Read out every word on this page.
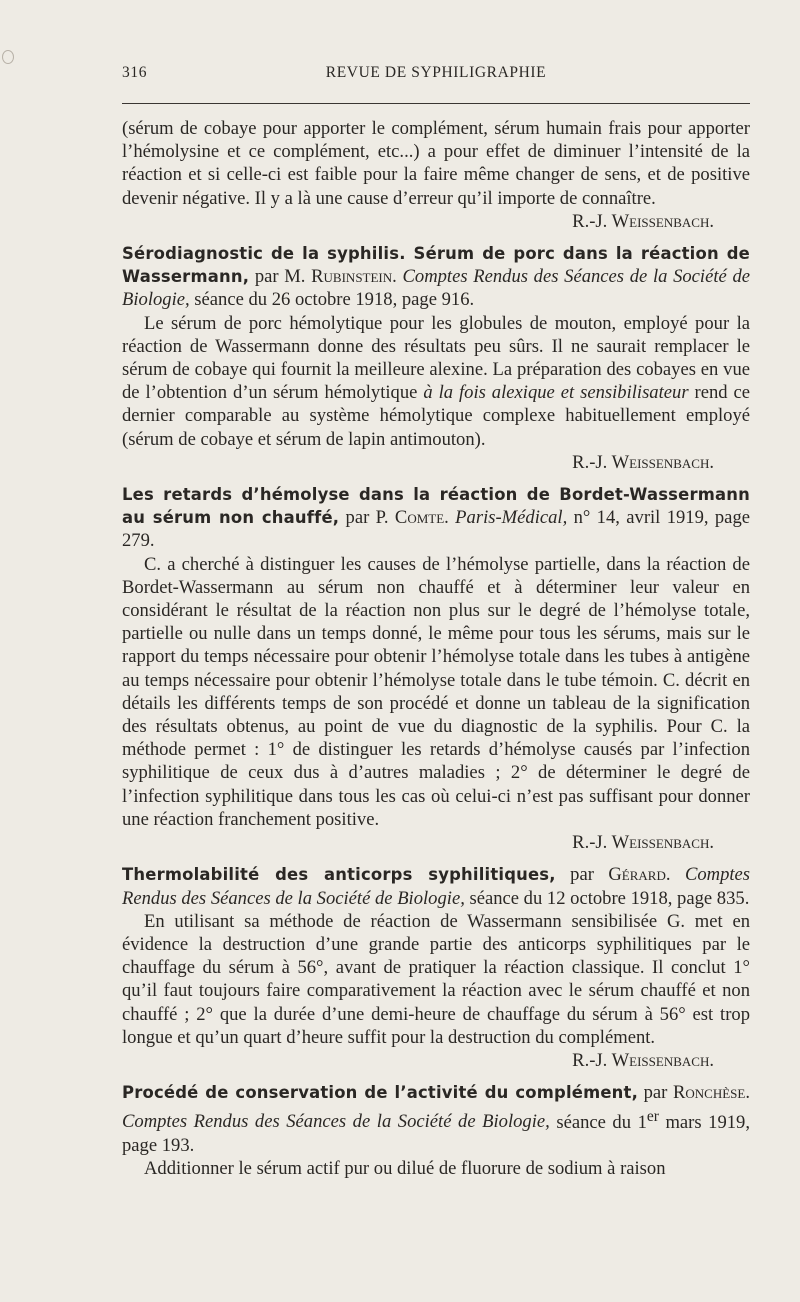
316	REVUE DE SYPHILIGRAPHIE

(sérum de cobaye pour apporter le complément, sérum humain frais pour apporter l’hémolysine et ce complément, etc...) a pour effet de diminuer l’intensité de la réaction et si celle-ci est faible pour la faire même changer de sens, et de positive devenir négative. Il y a là une cause d’erreur qu’il importe de connaître.

R.-J. Weissenbach.

Sérodiagnostic de la syphilis. Sérum de porc dans la réaction de Wassermann, par M. Rubinstein. Comptes Rendus des Séances de la Société de Biologie, séance du 26 octobre 1918, page 916.

Le sérum de porc hémolytique pour les globules de mouton, employé pour la réaction de Wassermann donne des résultats peu sûrs. Il ne saurait remplacer le sérum de cobaye qui fournit la meilleure alexine. La préparation des cobayes en vue de l’obtention d’un sérum hémolytique à la fois alexique et sensibilisateur rend ce dernier comparable au système hémolytique complexe habituellement employé (sérum de cobaye et sérum de lapin antimouton).

R.-J. Weissenbach.

Les retards d’hémolyse dans la réaction de Bordet-Wassermann au sérum non chauffé, par P. Comte. Paris-Médical, n° 14, avril 1919, page 279.

C. a cherché à distinguer les causes de l’hémolyse partielle, dans la réaction de Bordet-Wassermann au sérum non chauffé et à déterminer leur valeur en considérant le résultat de la réaction non plus sur le degré de l’hémolyse totale, partielle ou nulle dans un temps donné, le même pour tous les sérums, mais sur le rapport du temps nécessaire pour obtenir l’hémolyse totale dans les tubes à antigène au temps nécessaire pour obtenir l’hémolyse totale dans le tube témoin. C. décrit en détails les différents temps de son procédé et donne un tableau de la signification des résultats obtenus, au point de vue du diagnostic de la syphilis. Pour C. la méthode permet : 1° de distinguer les retards d’hémolyse causés par l’infection syphilitique de ceux dus à d’autres maladies ; 2° de déterminer le degré de l’infection syphilitique dans tous les cas où celui-ci n’est pas suffisant pour donner une réaction franchement positive.

R.-J. Weissenbach.

Thermolabilité des anticorps syphilitiques, par Gérard. Comptes Rendus des Séances de la Société de Biologie, séance du 12 octobre 1918, page 835.

En utilisant sa méthode de réaction de Wassermann sensibilisée G. met en évidence la destruction d’une grande partie des anticorps syphilitiques par le chauffage du sérum à 56°, avant de pratiquer la réaction classique. Il conclut 1° qu’il faut toujours faire comparativement la réaction avec le sérum chauffé et non chauffé ; 2° que la durée d’une demi-heure de chauffage du sérum à 56° est trop longue et qu’un quart d’heure suffit pour la destruction du complément.

R.-J. Weissenbach.

Procédé de conservation de l’activité du complément, par Ronchèse. Comptes Rendus des Séances de la Société de Biologie, séance du 1er mars 1919, page 193.

Additionner le sérum actif pur ou dilué de fluorure de sodium à raison
